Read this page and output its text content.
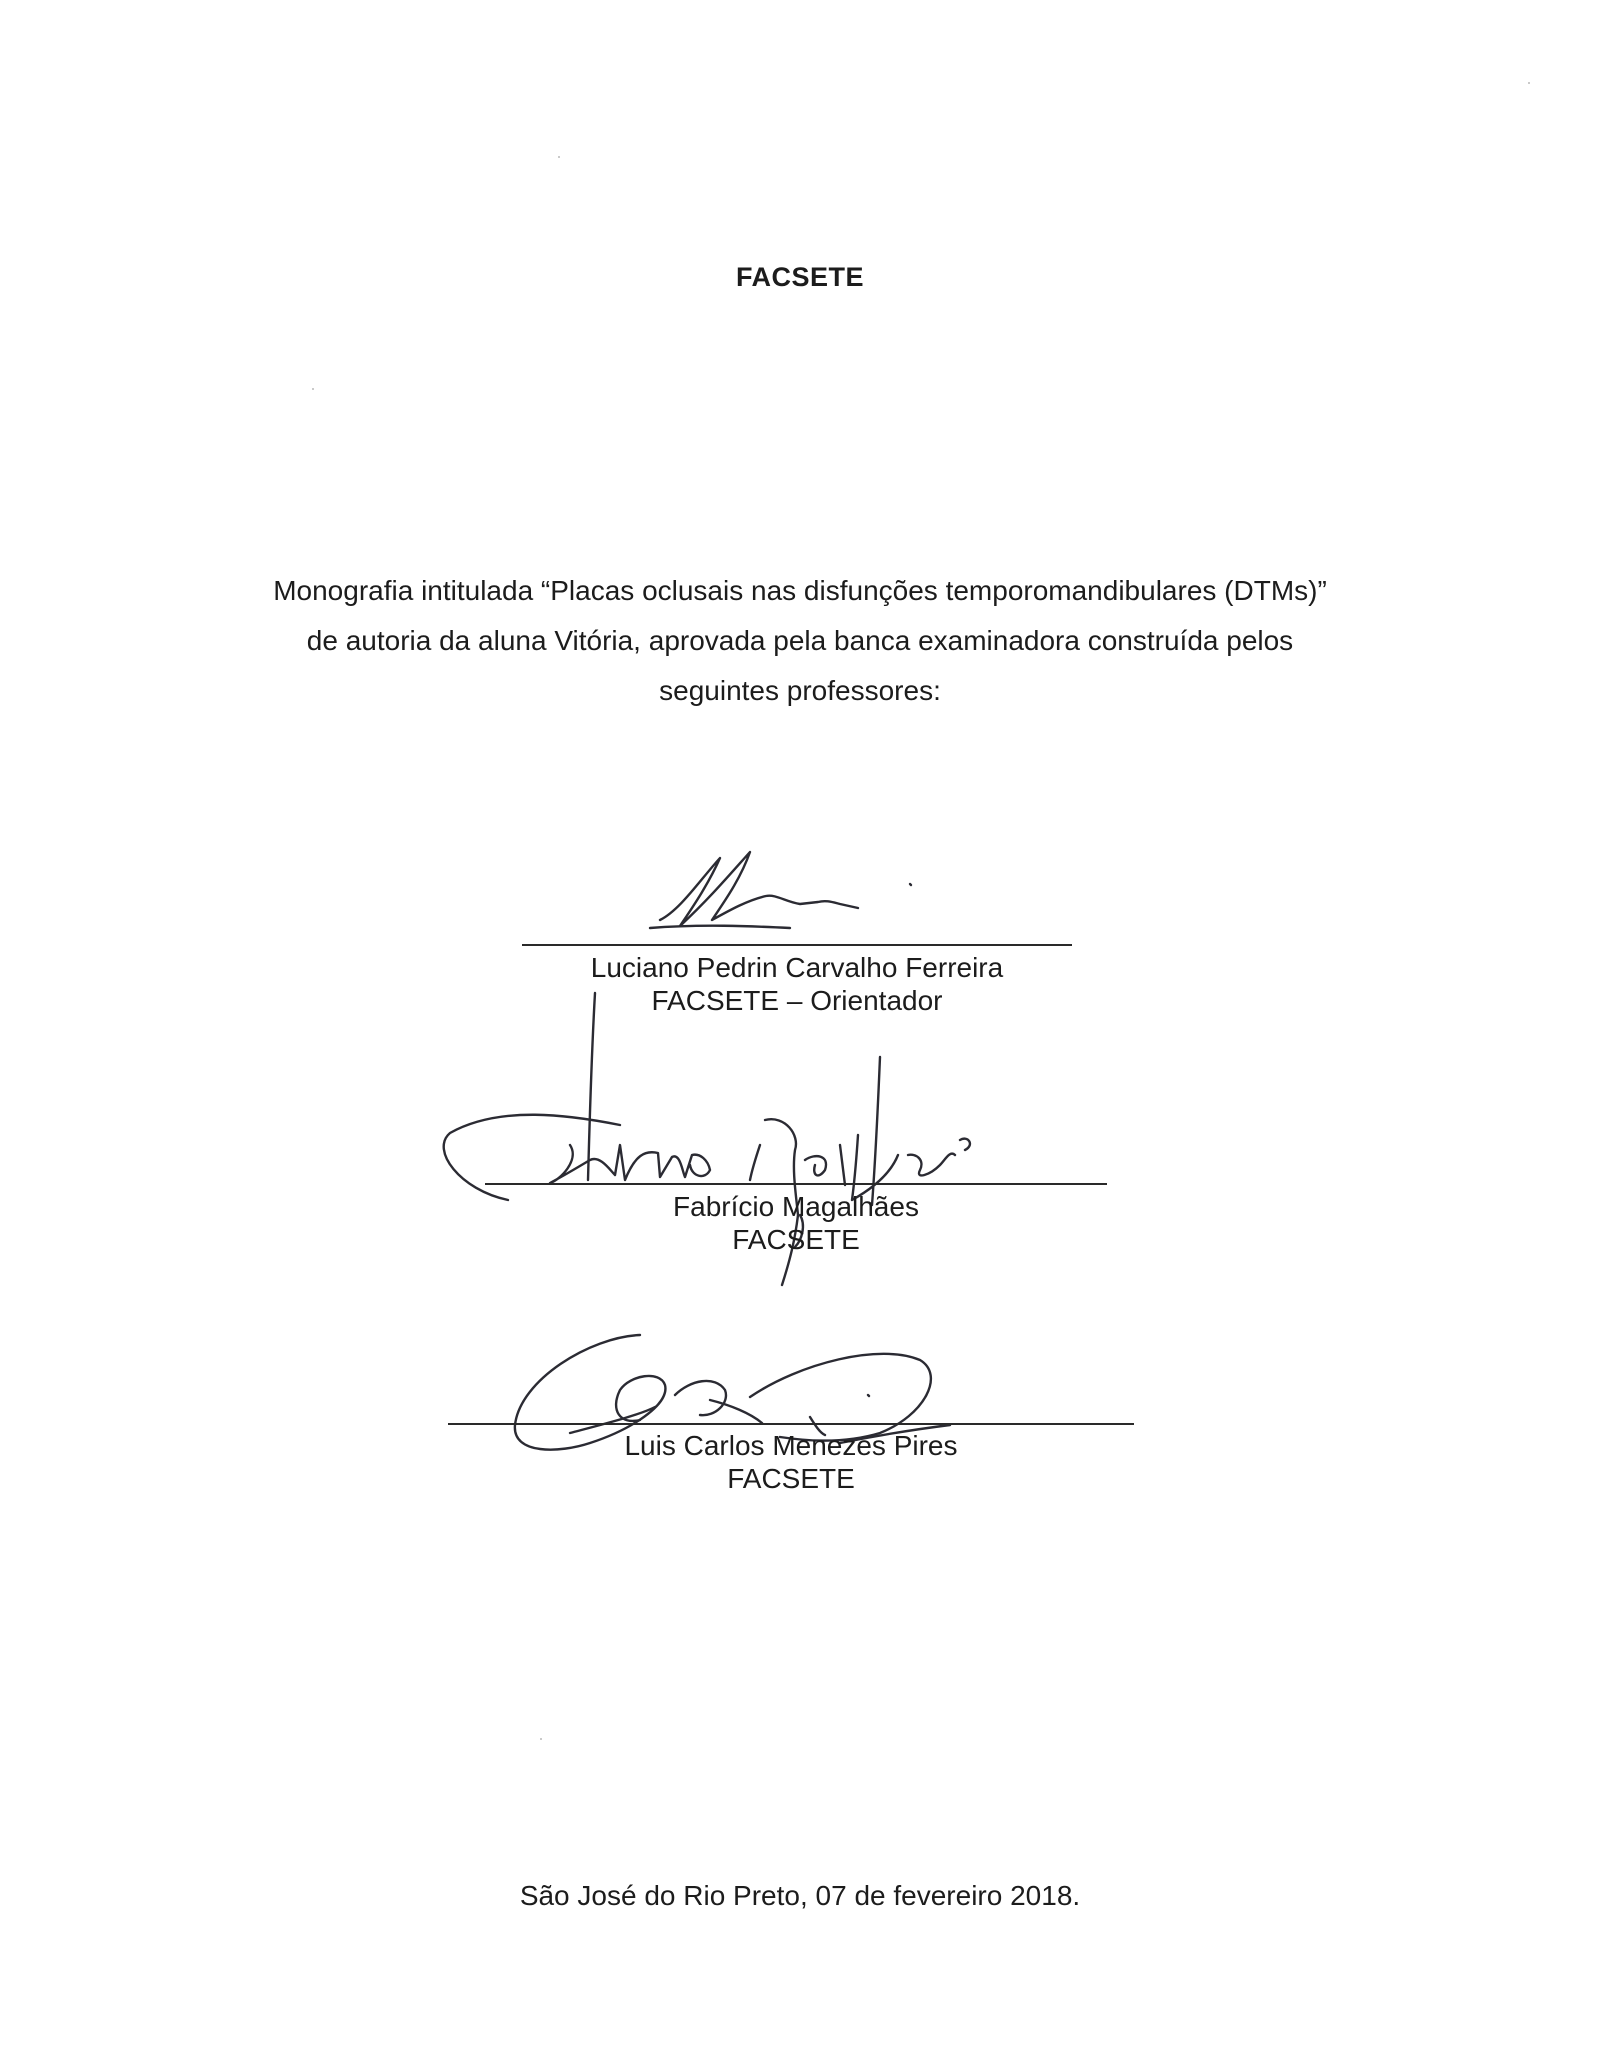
FACSETE
Monografia intitulada “Placas oclusais nas disfunções temporomandibulares (DTMs)”
de autoria da aluna Vitória, aprovada pela banca examinadora construída pelos
seguintes professores:
Luciano Pedrin Carvalho Ferreira
FACSETE – Orientador
Fabrício Magalhães
FACSETE
Luis Carlos Menezes Pires
FACSETE
São José do Rio Preto, 07 de fevereiro 2018.
